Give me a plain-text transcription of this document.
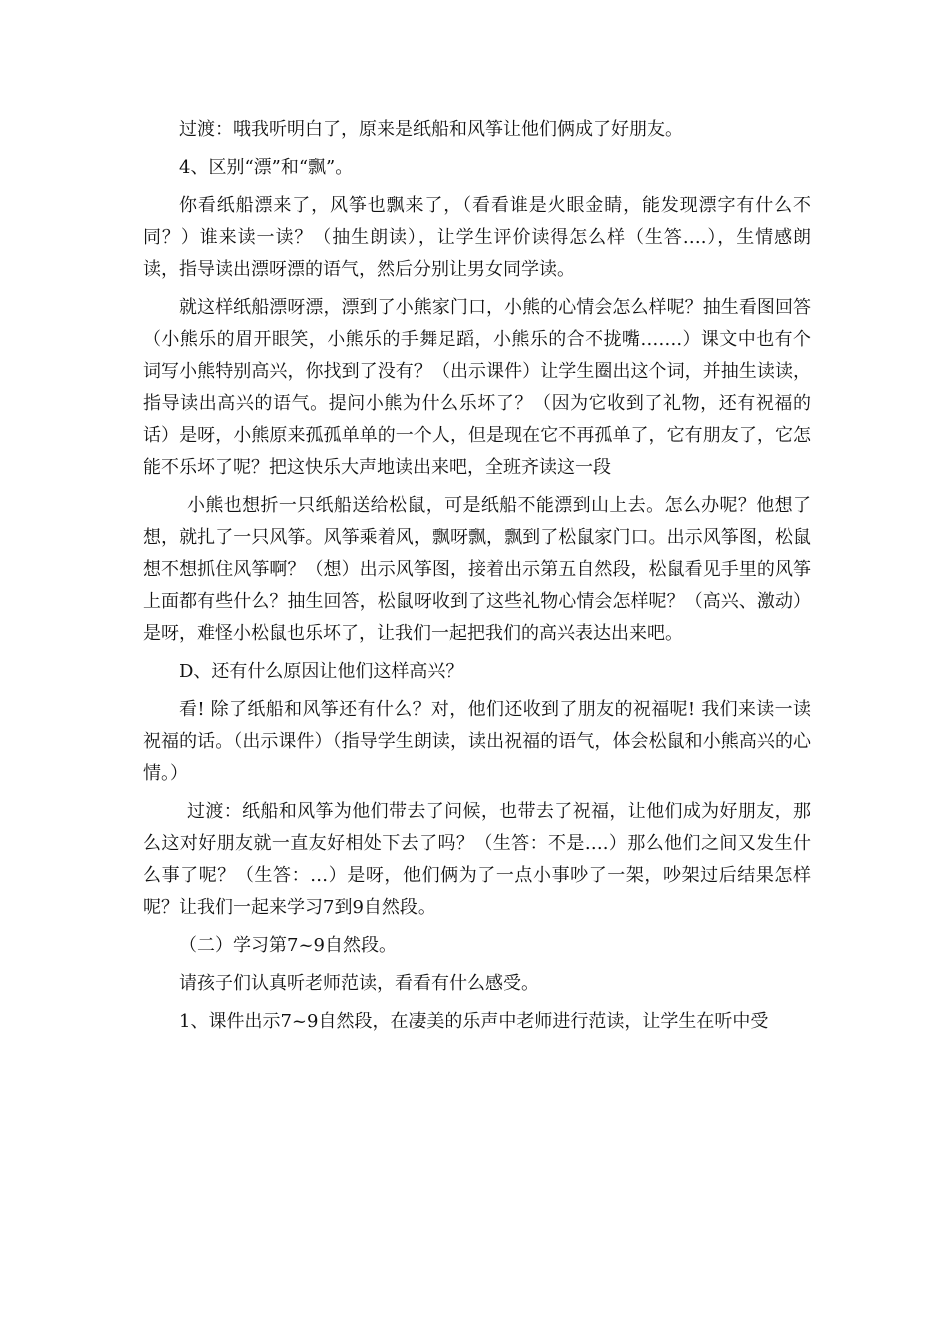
过渡：哦我听明白了，原来是纸船和风筝让他们俩成了好朋友。

4、区别“漂”和“飘”。

你看纸船漂来了，风筝也飘来了，（看看谁是火眼金睛，能发现漂字有什么不同？）谁来读一读？（抽生朗读），让学生评价读得怎么样（生答….），生情感朗读，指导读出漂呀漂的语气，然后分别让男女同学读。

就这样纸船漂呀漂，漂到了小熊家门口，小熊的心情会怎么样呢？抽生看图回答（小熊乐的眉开眼笑，小熊乐的手舞足蹈，小熊乐的合不拢嘴…….）课文中也有个词写小熊特别高兴，你找到了没有？（出示课件）让学生圈出这个词，并抽生读读，指导读出高兴的语气。提问小熊为什么乐坏了？（因为它收到了礼物，还有祝福的话）是呀，小熊原来孤孤单单的一个人，但是现在它不再孤单了，它有朋友了，它怎能不乐坏了呢？把这快乐大声地读出来吧，全班齐读这一段

小熊也想折一只纸船送给松鼠，可是纸船不能漂到山上去。怎么办呢？他想了想，就扎了一只风筝。风筝乘着风，飘呀飘，飘到了松鼠家门口。出示风筝图，松鼠想不想抓住风筝啊？（想）出示风筝图，接着出示第五自然段，松鼠看见手里的风筝上面都有些什么？抽生回答，松鼠呀收到了这些礼物心情会怎样呢？（高兴、激动）是呀，难怪小松鼠也乐坏了，让我们一起把我们的高兴表达出来吧。

D、还有什么原因让他们这样高兴？

看! 除了纸船和风筝还有什么？对，他们还收到了朋友的祝福呢! 我们来读一读祝福的话。（出示课件）（指导学生朗读，读出祝福的语气，体会松鼠和小熊高兴的心情。）

过渡：纸船和风筝为他们带去了问候，也带去了祝福，让他们成为好朋友，那么这对好朋友就一直友好相处下去了吗？（生答：不是….）那么他们之间又发生什么事了呢？（生答：…）是呀，他们俩为了一点小事吵了一架，吵架过后结果怎样呢？让我们一起来学习7到9自然段。

（二）学习第7~9自然段。

请孩子们认真听老师范读，看看有什么感受。

1、课件出示7~9自然段，在凄美的乐声中老师进行范读，让学生在听中受
